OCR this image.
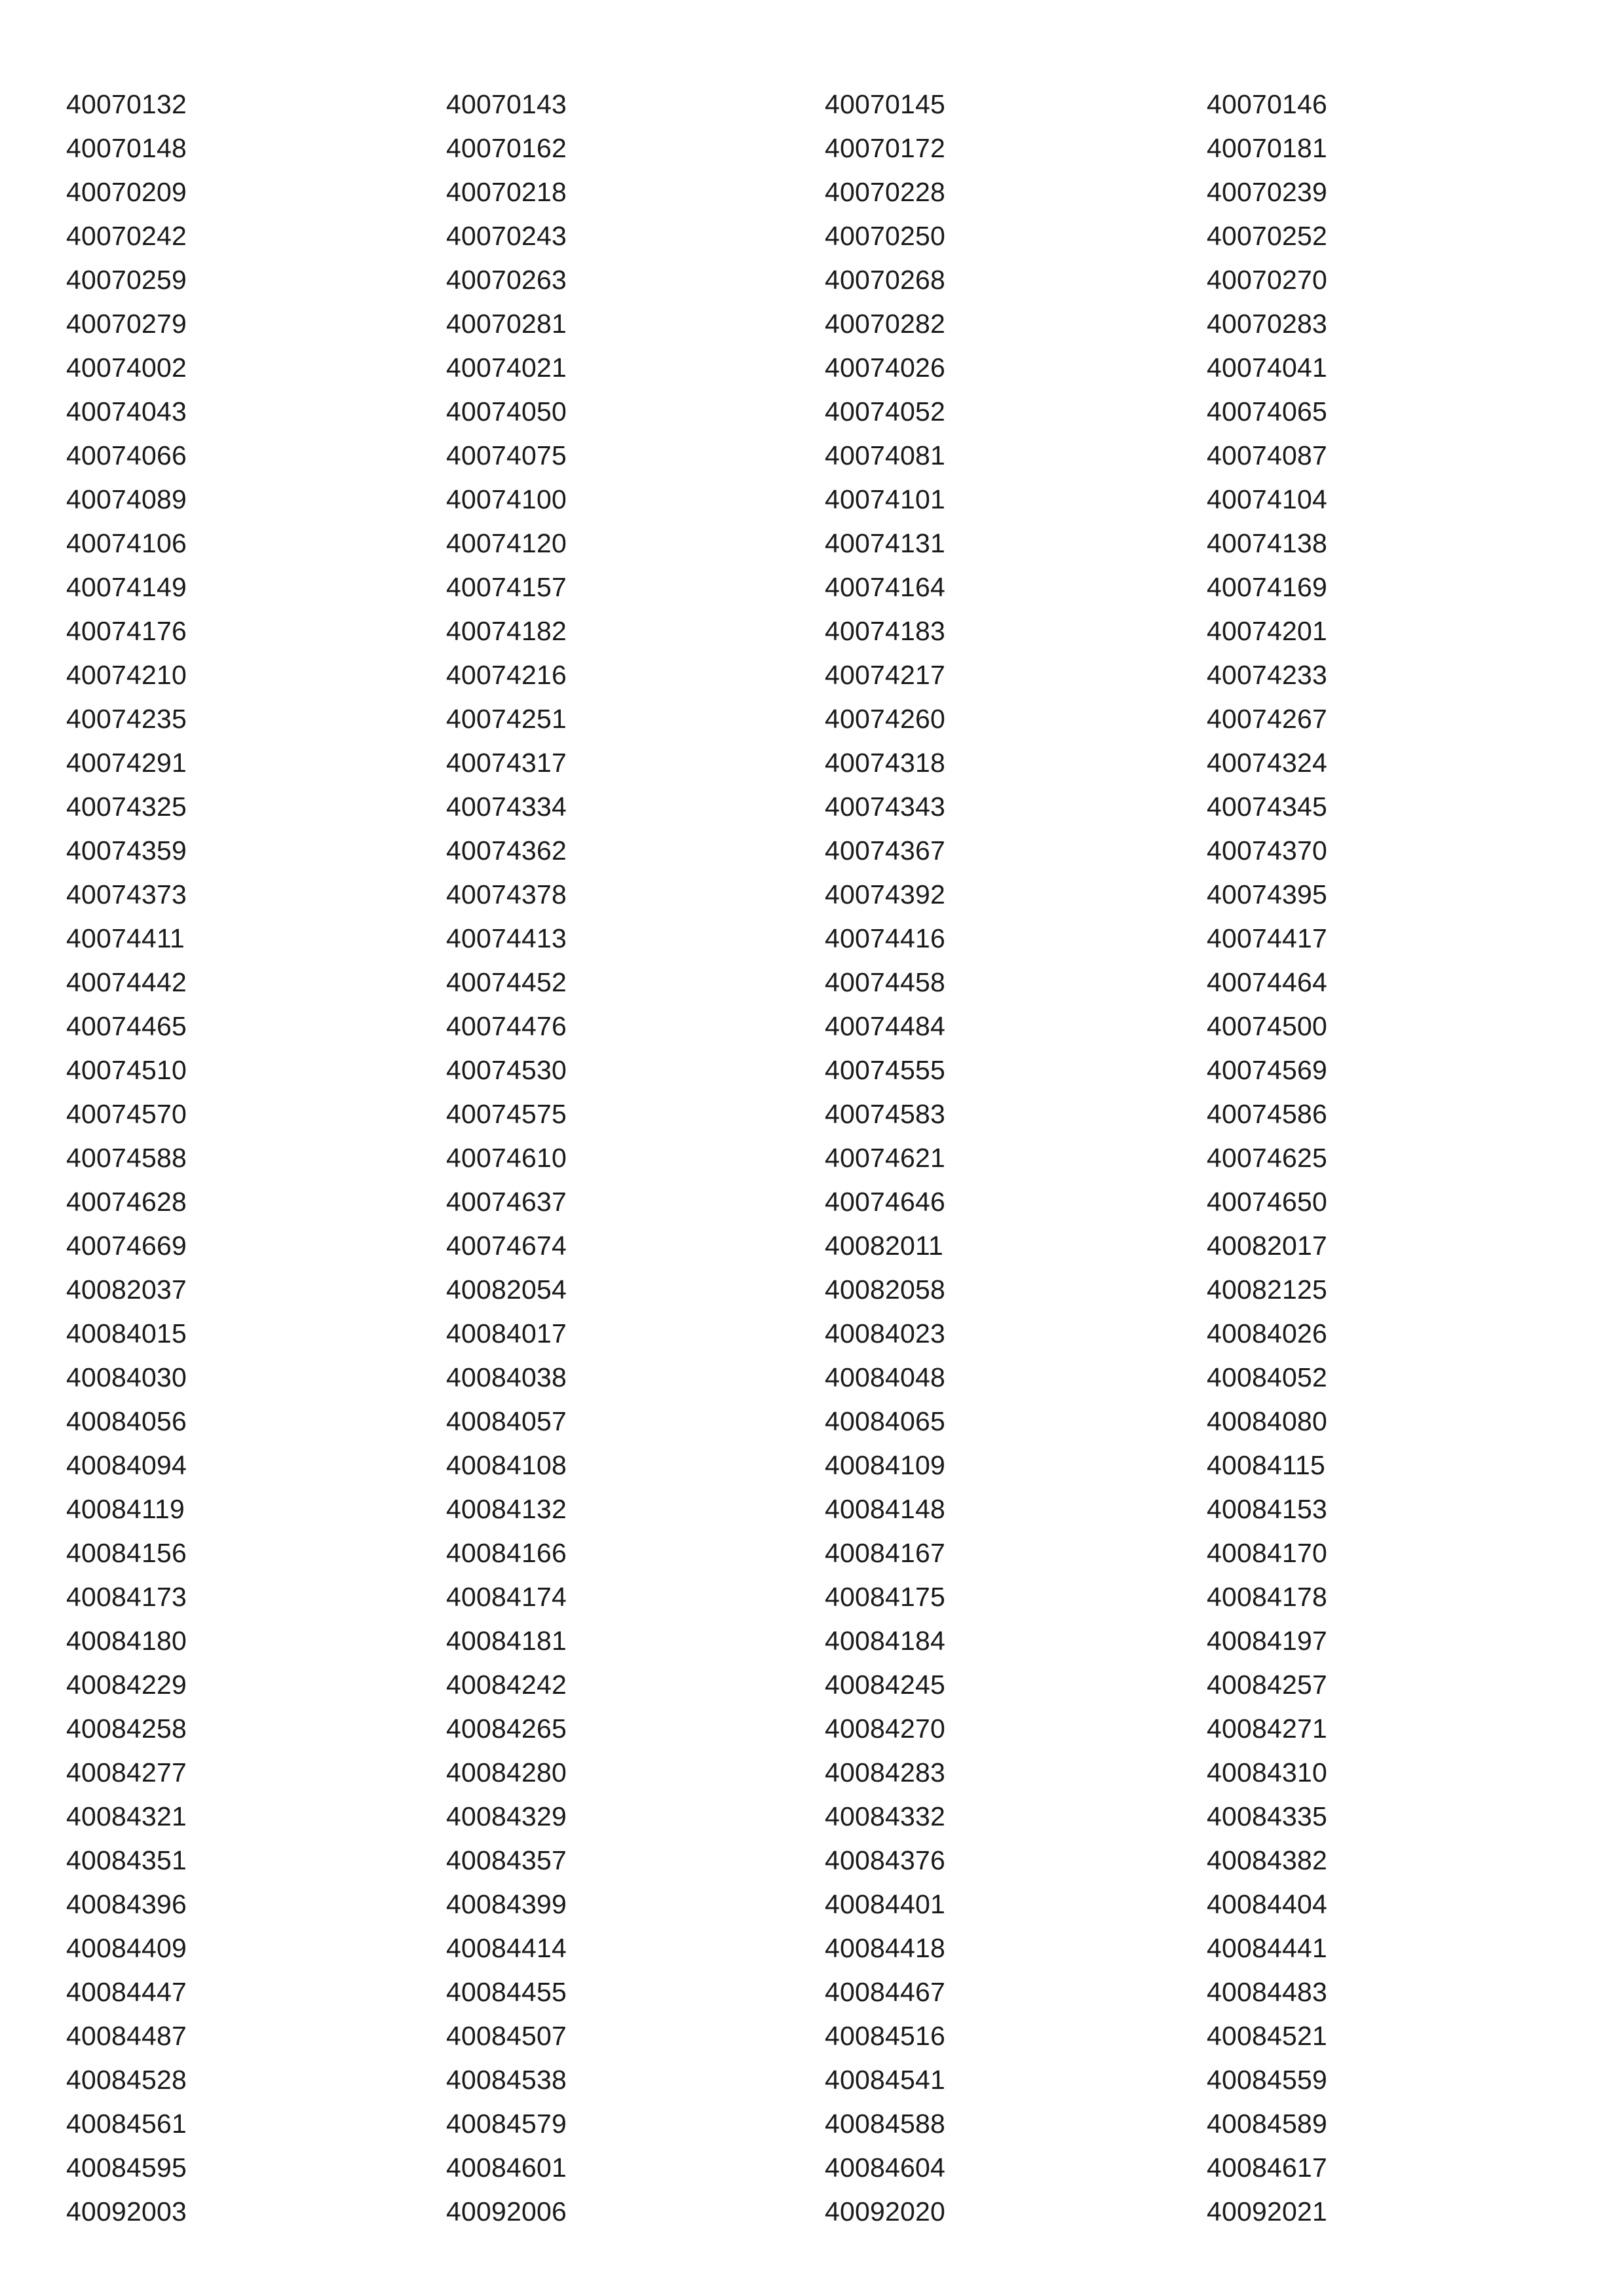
40070132	40070143	40070145	40070146
40070148	40070162	40070172	40070181
40070209	40070218	40070228	40070239
40070242	40070243	40070250	40070252
40070259	40070263	40070268	40070270
40070279	40070281	40070282	40070283
40074002	40074021	40074026	40074041
40074043	40074050	40074052	40074065
40074066	40074075	40074081	40074087
40074089	40074100	40074101	40074104
40074106	40074120	40074131	40074138
40074149	40074157	40074164	40074169
40074176	40074182	40074183	40074201
40074210	40074216	40074217	40074233
40074235	40074251	40074260	40074267
40074291	40074317	40074318	40074324
40074325	40074334	40074343	40074345
40074359	40074362	40074367	40074370
40074373	40074378	40074392	40074395
40074411	40074413	40074416	40074417
40074442	40074452	40074458	40074464
40074465	40074476	40074484	40074500
40074510	40074530	40074555	40074569
40074570	40074575	40074583	40074586
40074588	40074610	40074621	40074625
40074628	40074637	40074646	40074650
40074669	40074674	40082011	40082017
40082037	40082054	40082058	40082125
40084015	40084017	40084023	40084026
40084030	40084038	40084048	40084052
40084056	40084057	40084065	40084080
40084094	40084108	40084109	40084115
40084119	40084132	40084148	40084153
40084156	40084166	40084167	40084170
40084173	40084174	40084175	40084178
40084180	40084181	40084184	40084197
40084229	40084242	40084245	40084257
40084258	40084265	40084270	40084271
40084277	40084280	40084283	40084310
40084321	40084329	40084332	40084335
40084351	40084357	40084376	40084382
40084396	40084399	40084401	40084404
40084409	40084414	40084418	40084441
40084447	40084455	40084467	40084483
40084487	40084507	40084516	40084521
40084528	40084538	40084541	40084559
40084561	40084579	40084588	40084589
40084595	40084601	40084604	40084617
40092003	40092006	40092020	40092021
